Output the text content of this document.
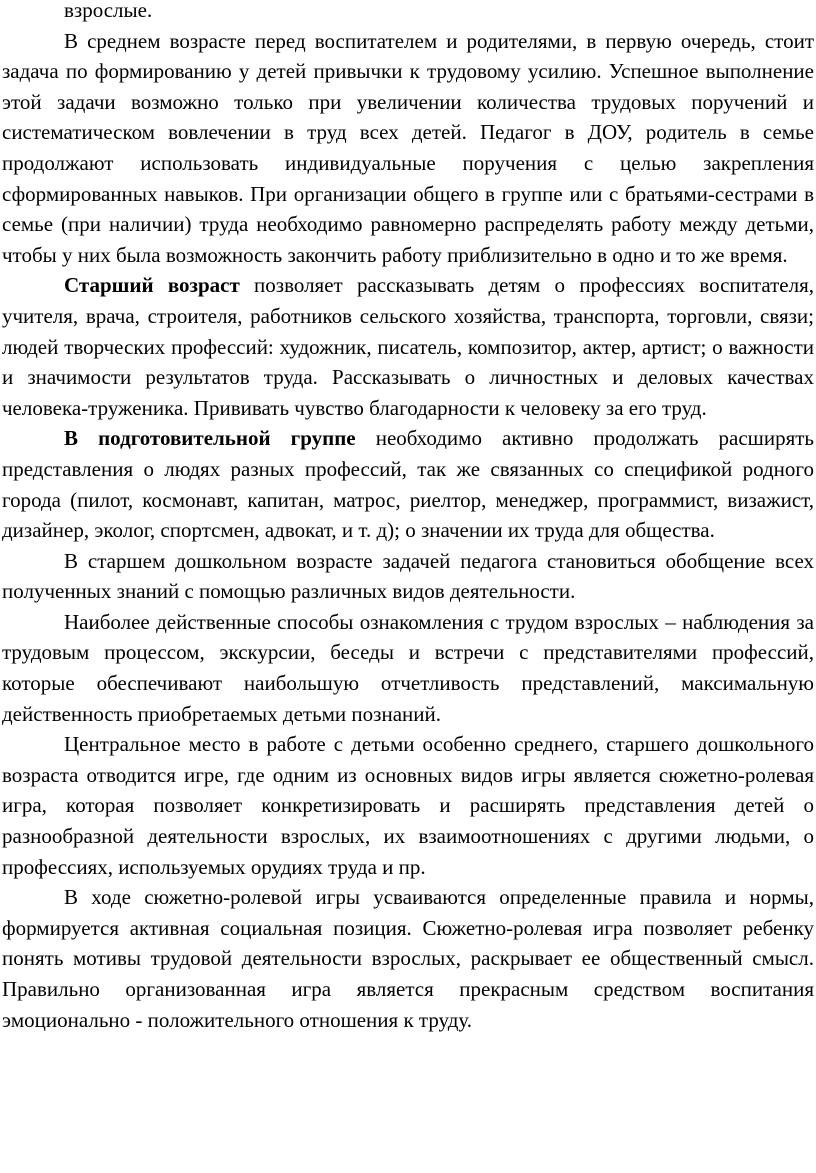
взрослые.

В среднем возрасте перед воспитателем и родителями, в первую очередь, стоит задача по формированию у детей привычки к трудовому усилию. Успешное выполнение этой задачи возможно только при увеличении количества трудовых поручений и систематическом вовлечении в труд всех детей. Педагог в ДОУ, родитель в семье продолжают использовать индивидуальные поручения с целью закрепления сформированных навыков. При организации общего в группе или с братьями-сестрами в семье (при наличии) труда необходимо равномерно распределять работу между детьми, чтобы у них была возможность закончить работу приблизительно в одно и то же время.

Старший возраст позволяет рассказывать детям о профессиях воспитателя, учителя, врача, строителя, работников сельского хозяйства, транспорта, торговли, связи; людей творческих профессий: художник, писатель, композитор, актер, артист; о важности и значимости результатов труда. Рассказывать о личностных и деловых качествах человека-труженика. Прививать чувство благодарности к человеку за его труд.

В подготовительной группе необходимо активно продолжать расширять представления о людях разных профессий, так же связанных со спецификой родного города (пилот, космонавт, капитан, матрос, риелтор, менеджер, программист, визажист, дизайнер, эколог, спортсмен, адвокат, и т. д); о значении их труда для общества.

В старшем дошкольном возрасте задачей педагога становиться обобщение всех полученных знаний с помощью различных видов деятельности.

Наиболее действенные способы ознакомления с трудом взрослых – наблюдения за трудовым процессом, экскурсии, беседы и встречи с представителями профессий, которые обеспечивают наибольшую отчетливость представлений, максимальную действенность приобретаемых детьми познаний.

Центральное место в работе с детьми особенно среднего, старшего дошкольного возраста отводится игре, где одним из основных видов игры является сюжетно-ролевая игра, которая позволяет конкретизировать и расширять представления детей о разнообразной деятельности взрослых, их взаимоотношениях с другими людьми, о профессиях, используемых орудиях труда и пр.

В ходе сюжетно-ролевой игры усваиваются определенные правила и нормы, формируется активная социальная позиция. Сюжетно-ролевая игра позволяет ребенку понять мотивы трудовой деятельности взрослых, раскрывает ее общественный смысл. Правильно организованная игра является прекрасным средством воспитания эмоционально - положительного отношения к труду.
